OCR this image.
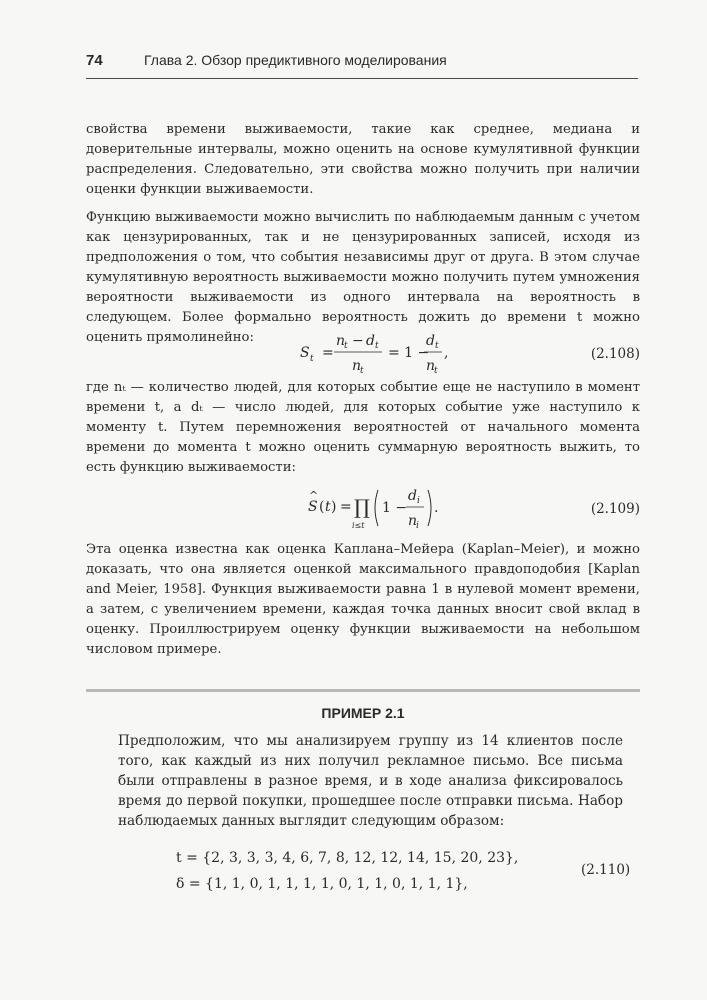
74	Глава 2. Обзор предиктивного моделирования

свойства времени выживаемости, такие как среднее, медиана и доверительные интервалы, можно оценить на основе кумулятивной функции распределения. Следовательно, эти свойства можно получить при наличии оценки функции выживаемости.

Функцию выживаемости можно вычислить по наблюдаемым данным с учетом как цензурированных, так и не цензурированных записей, исходя из предположения о том, что события независимы друг от друга. В этом случае кумулятивную вероятность выживаемости можно получить путем умножения вероятности выживаемости из одного интервала на вероятность в следующем. Более формально вероятность дожить до времени t можно оценить прямолинейно:

S t =
n
t − d t
n
t
= 1 −
d t
n
t
,	(2.108)

где nₜ — количество людей, для которых событие еще не наступило в момент времени t, а dₜ — число людей, для которых событие уже наступило к моменту t. Путем перемножения вероятностей от начального момента времени до момента t можно оценить суммарную вероятность выжить, то есть функцию выживаемости:

S
^
( t ) = ∏
i≤t
1 −
d i
n
i
.	(2.109)

Эта оценка известна как оценка Каплана–Мейера (Kaplan–Meier), и можно доказать, что она является оценкой максимального правдоподобия [Kaplan and Meier, 1958]. Функция выживаемости равна 1 в нулевой момент времени, а затем, с увеличением времени, каждая точка данных вносит свой вклад в оценку. Проиллюстрируем оценку функции выживаемости на небольшом числовом примере.

ПРИМЕР 2.1

Предположим, что мы анализируем группу из 14 клиентов после того, как каждый из них получил рекламное письмо. Все письма были отправлены в разное время, и в ходе анализа фиксировалось время до первой покупки, прошедшее после отправки письма. Набор наблюдаемых данных выглядит следующим образом:

t = {2, 3, 3, 3, 4, 6, 7, 8, 12, 12, 14, 15, 20, 23},
δ = {1, 1, 0, 1, 1, 1, 1, 0, 1, 1, 0, 1, 1, 1},
(2.110)
